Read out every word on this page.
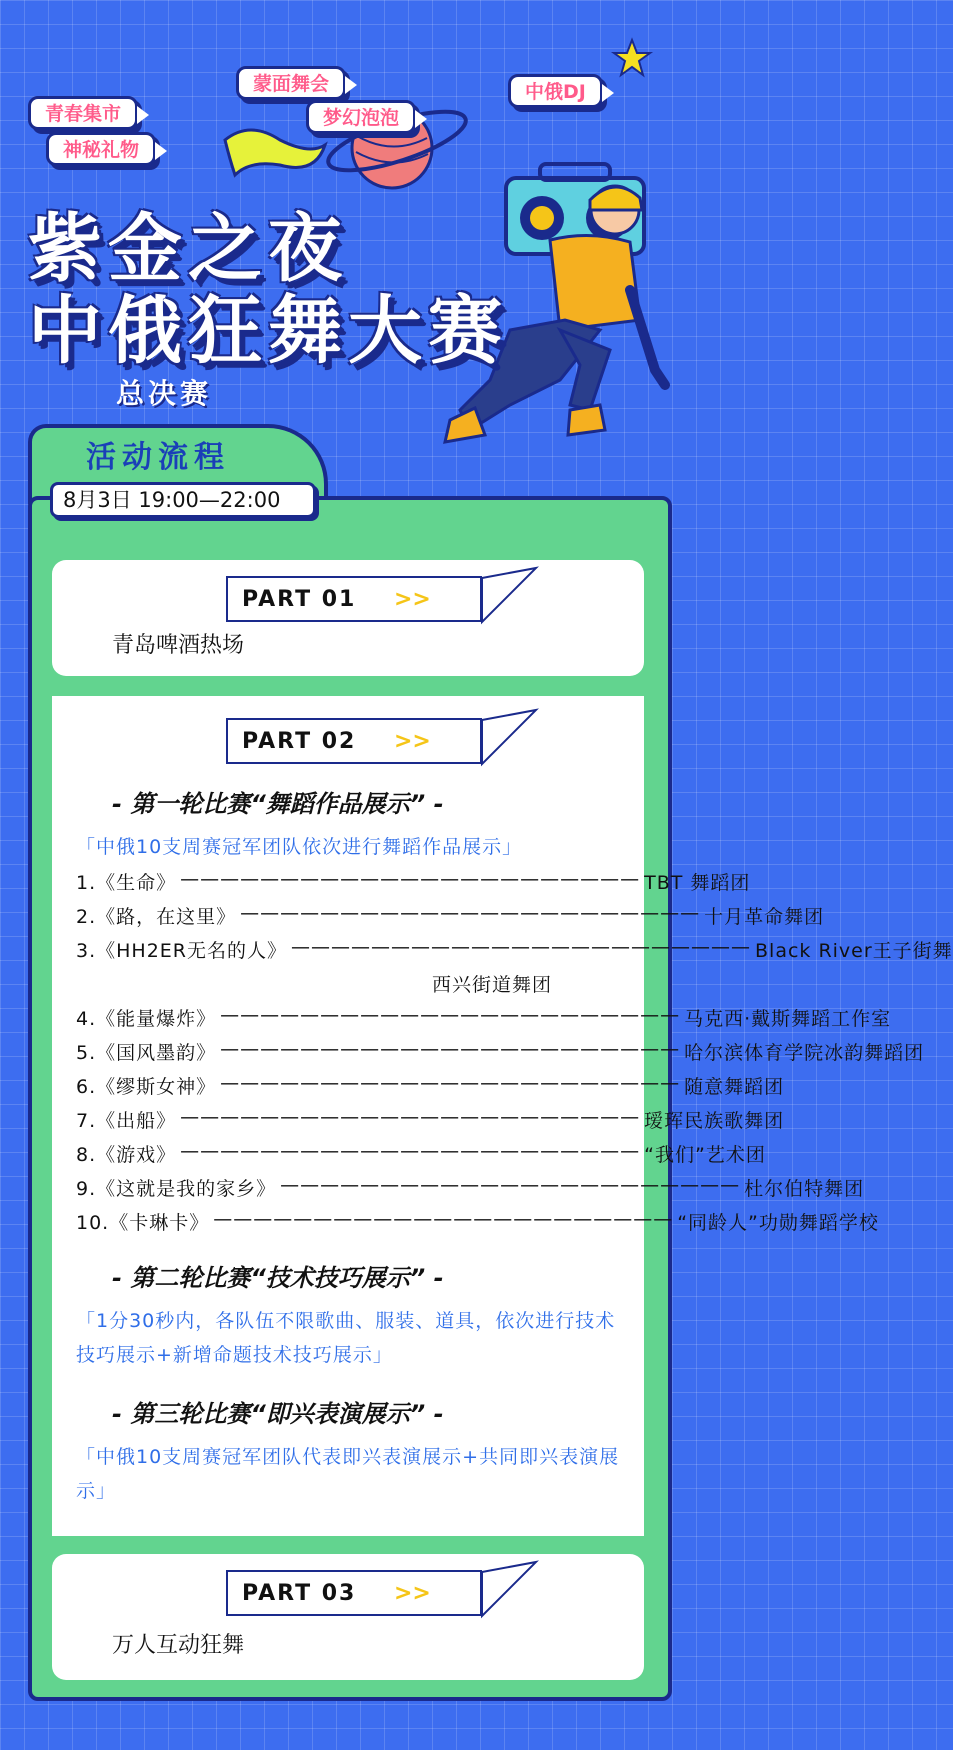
青春集市
神秘礼物
蒙面舞会
梦幻泡泡
中俄DJ
紫金之夜
中俄狂舞大赛
总决赛
活动流程
8月3日 19:00—22:00
PART 01 >>
青岛啤酒热场
PART 02 >>
- 第一轮比赛“舞蹈作品展示” -
「中俄10支周赛冠军团队依次进行舞蹈作品展示」
1.《生命》 ——————————————————————— TBT 舞蹈团
2.《路，在这里》 ——————————————————————— 十月革命舞团
3.《HH2ER无名的人》 ——————————————————————— Black River王子街舞
西兴街道舞团
4.《能量爆炸》 ——————————————————————— 马克西·戴斯舞蹈工作室
5.《国风墨韵》 ——————————————————————— 哈尔滨体育学院冰韵舞蹈团
6.《缪斯女神》 ——————————————————————— 随意舞蹈团
7.《出船》 ——————————————————————— 瑷珲民族歌舞团
8.《游戏》 ——————————————————————— “我们”艺术团
9.《这就是我的家乡》 ——————————————————————— 杜尔伯特舞团
10.《卡琳卡》 ——————————————————————— “同龄人”功勋舞蹈学校
- 第二轮比赛“技术技巧展示” -
「1分30秒内，各队伍不限歌曲、服装、道具，依次进行技术技巧展示+新增命题技术技巧展示」
- 第三轮比赛“即兴表演展示” -
「中俄10支周赛冠军团队代表即兴表演展示+共同即兴表演展示」
PART 03 >>
万人互动狂舞
